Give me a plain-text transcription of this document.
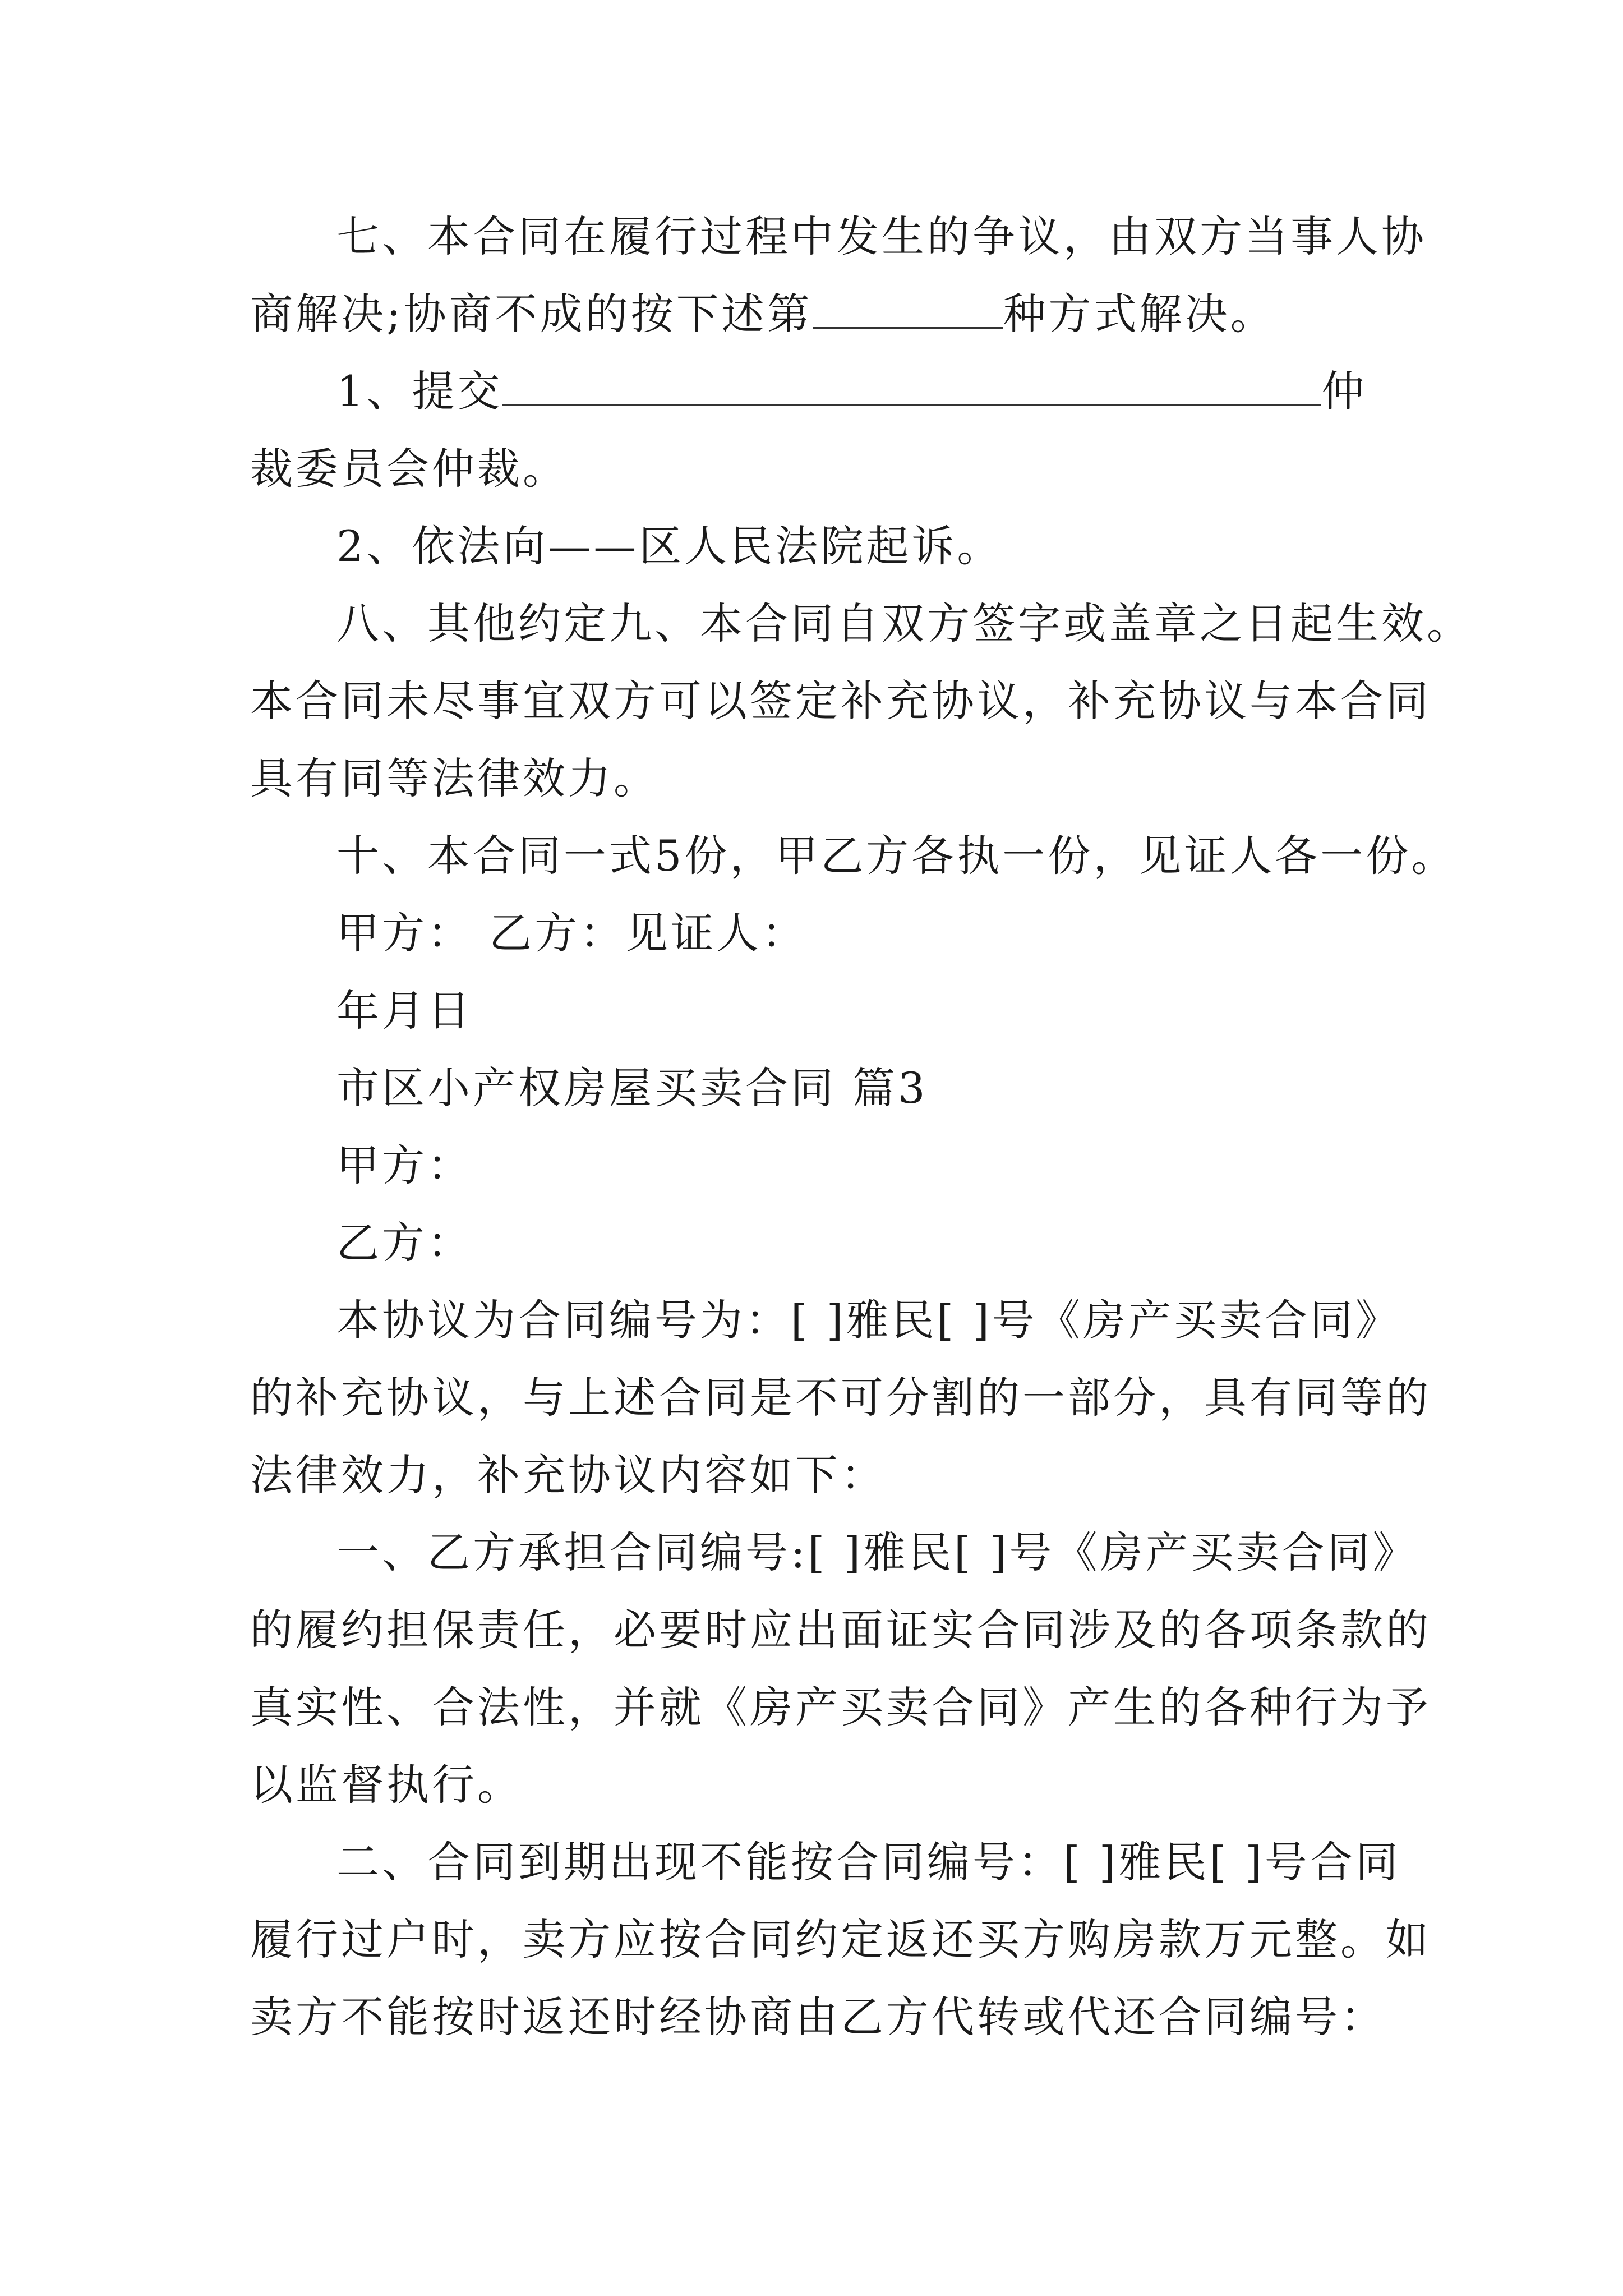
七、本合同在履行过程中发生的争议，由双方当事人协
商解决;协商不成的按下述第	种方式解决。
1、提交	仲
裁委员会仲裁。
2、依法向——区人民法院起诉。
八、其他约定九、本合同自双方签字或盖章之日起生效。
本合同未尽事宜双方可以签定补充协议，补充协议与本合同
具有同等法律效力。
十、本合同一式5份，甲乙方各执一份，见证人各一份。
甲方： 乙方：见证人：
年月日
市区小产权房屋买卖合同 篇3
甲方：
乙方：
本协议为合同编号为：[ ]雅民[ ]号《房产买卖合同》
的补充协议，与上述合同是不可分割的一部分，具有同等的
法律效力，补充协议内容如下：
一、乙方承担合同编号:[ ]雅民[ ]号《房产买卖合同》
的履约担保责任，必要时应出面证实合同涉及的各项条款的
真实性、合法性，并就《房产买卖合同》产生的各种行为予
以监督执行。
二、合同到期出现不能按合同编号：[ ]雅民[ ]号合同
履行过户时，卖方应按合同约定返还买方购房款万元整。如
卖方不能按时返还时经协商由乙方代转或代还合同编号：
